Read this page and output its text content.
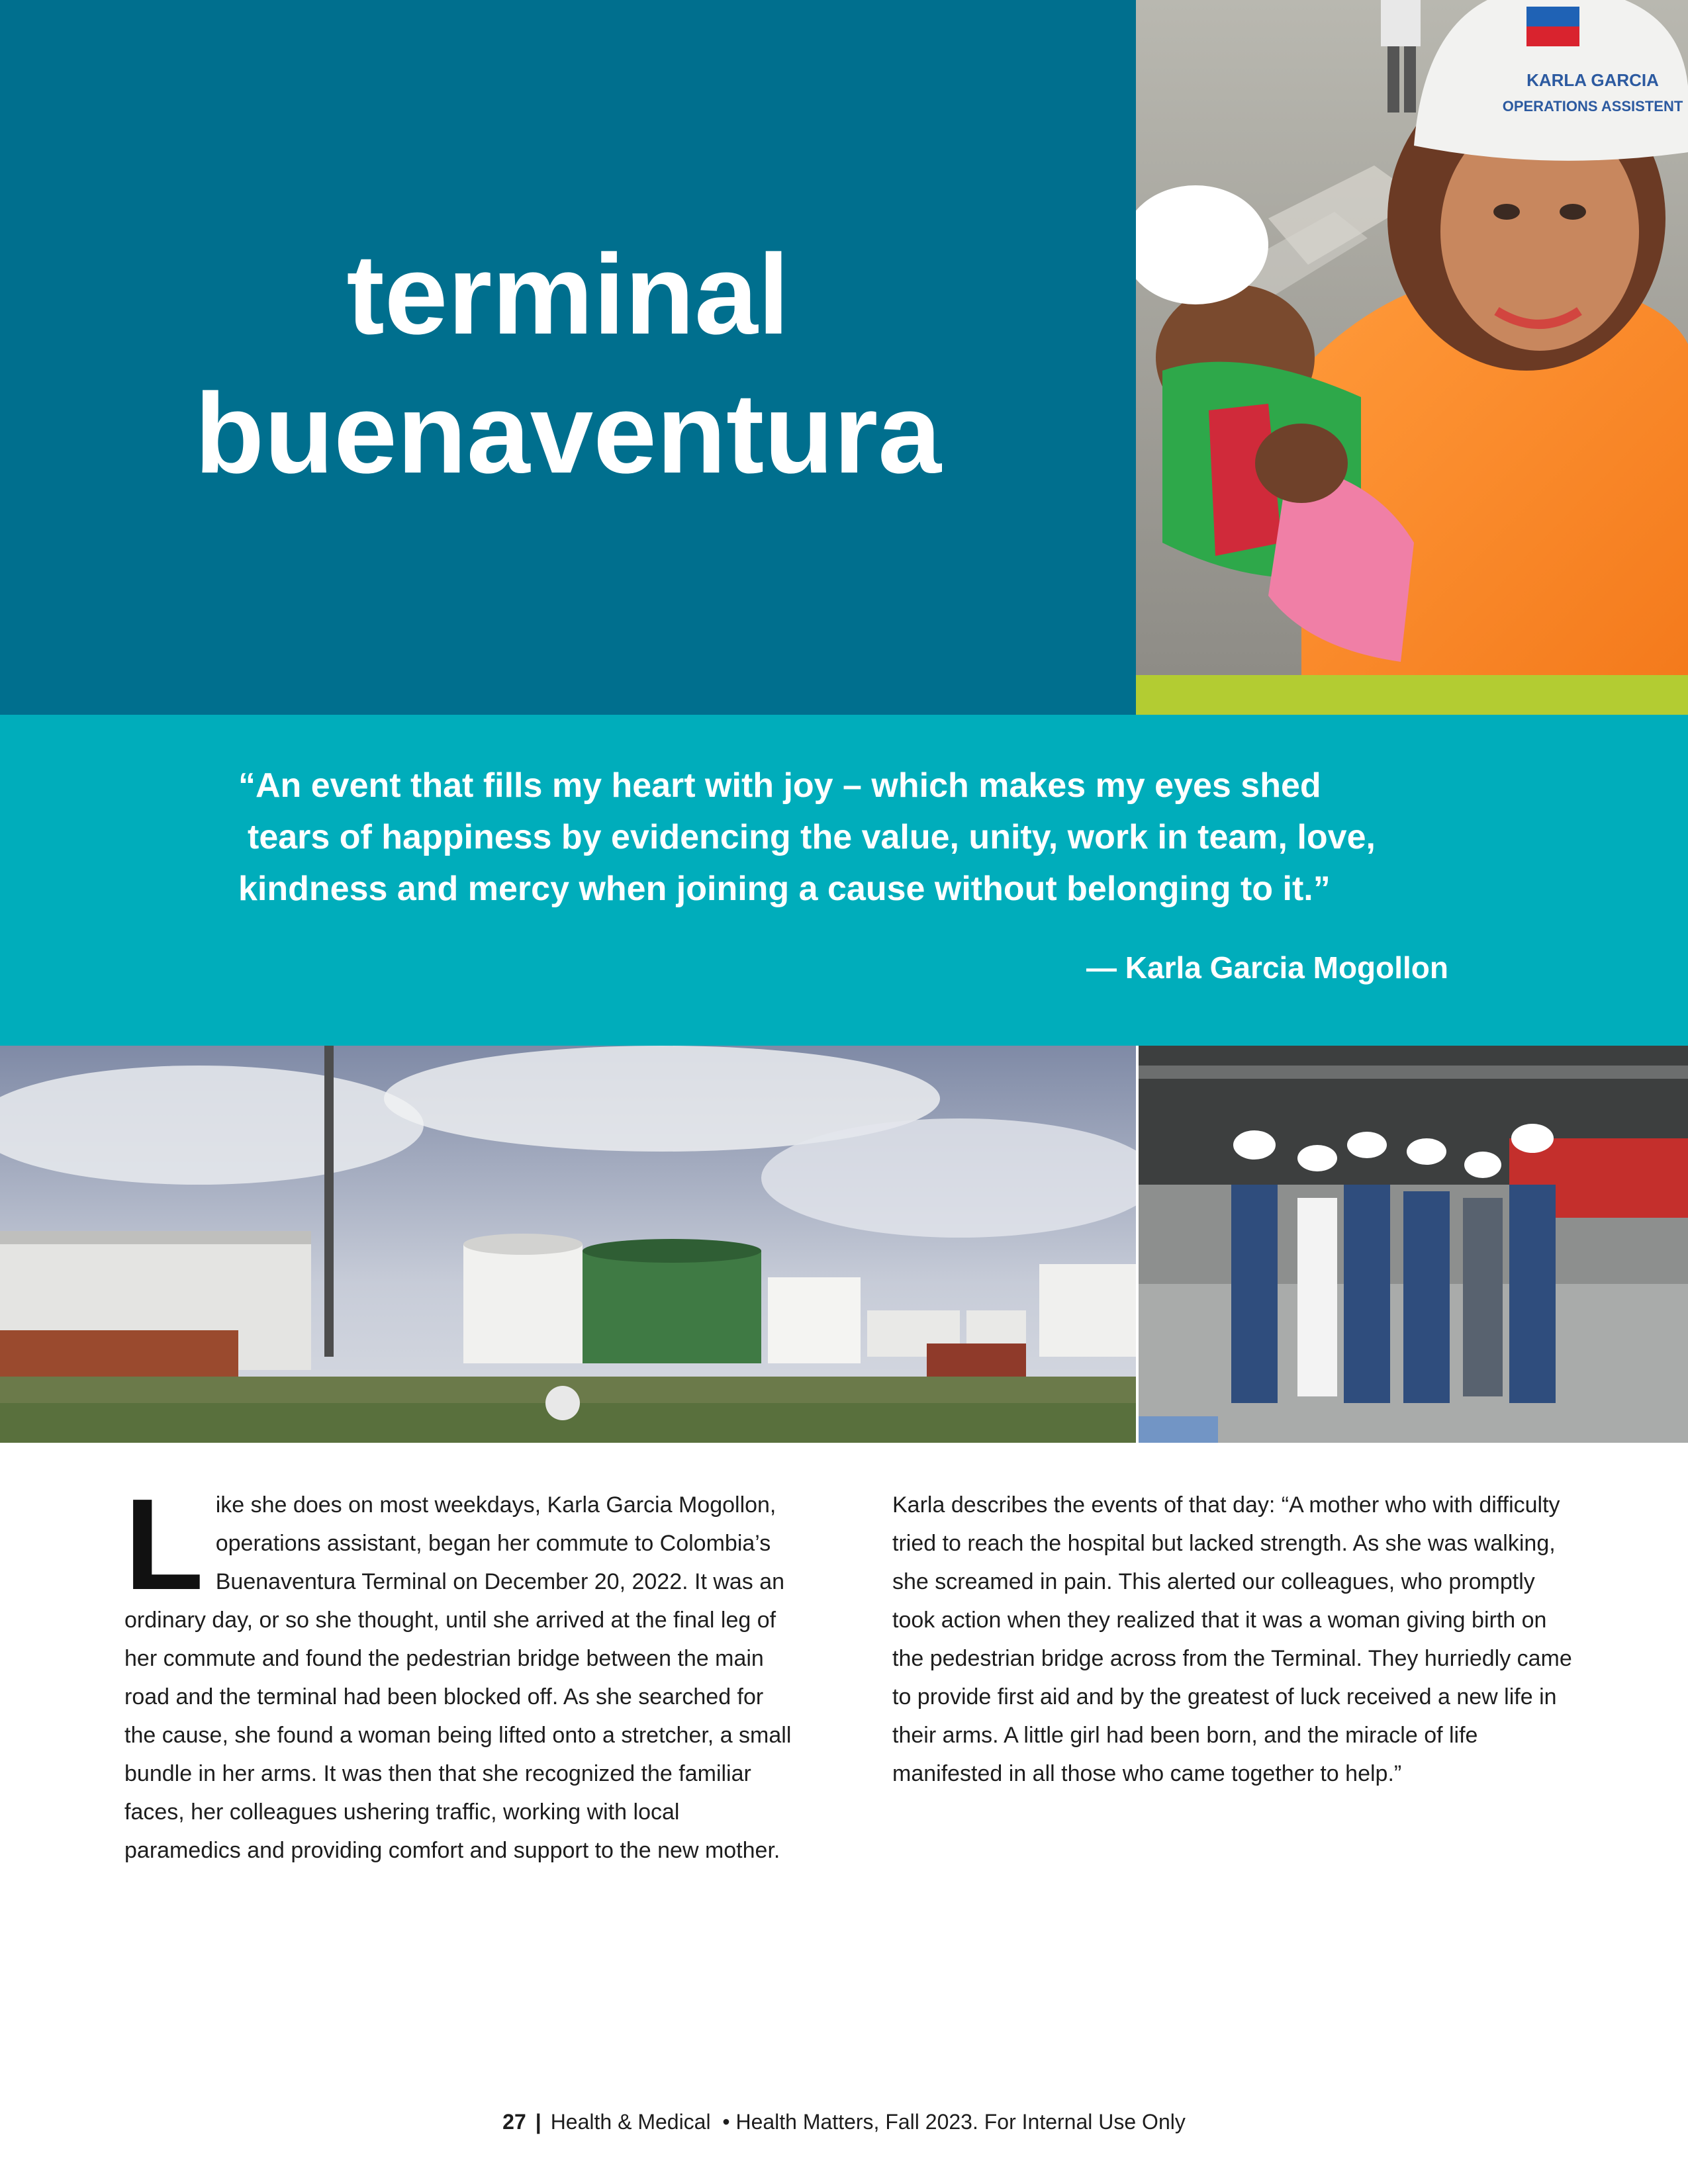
terminal
buenaventura
KARLA GARCIA
OPERATIONS ASSISTENT
“An event that fills my heart with joy – which makes my eyes shed
tears of happiness by evidencing the value, unity, work in team, love,
kindness and mercy when joining a cause without belonging to it.”
— Karla Garcia Mogollon

L ike she does on most weekdays, Karla Garcia Mogollon,
operations assistant, began her commute to Colombia’s
Buenaventura Terminal on December 20, 2022. It was an
ordinary day, or so she thought, until she arrived at the final leg of her commute and found the pedestrian bridge between the main road and the terminal had been blocked off. As she searched for the cause, she found a woman being lifted onto a stretcher, a small bundle in her arms. It was then that she recognized the familiar faces, her colleagues ushering traffic, working with local paramedics and providing comfort and support to the new mother.

Karla describes the events of that day: “A mother who with difficulty tried to reach the hospital but lacked strength. As she was walking, she screamed in pain. This alerted our colleagues, who promptly took action when they realized that it was a woman giving birth on the pedestrian bridge across from the Terminal. They hurriedly came to provide first aid and by the greatest of luck received a new life in their arms. A little girl had been born, and the miracle of life manifested in all those who came together to help.”

27 | Health & Medical • Health Matters, Fall 2023. For Internal Use Only
